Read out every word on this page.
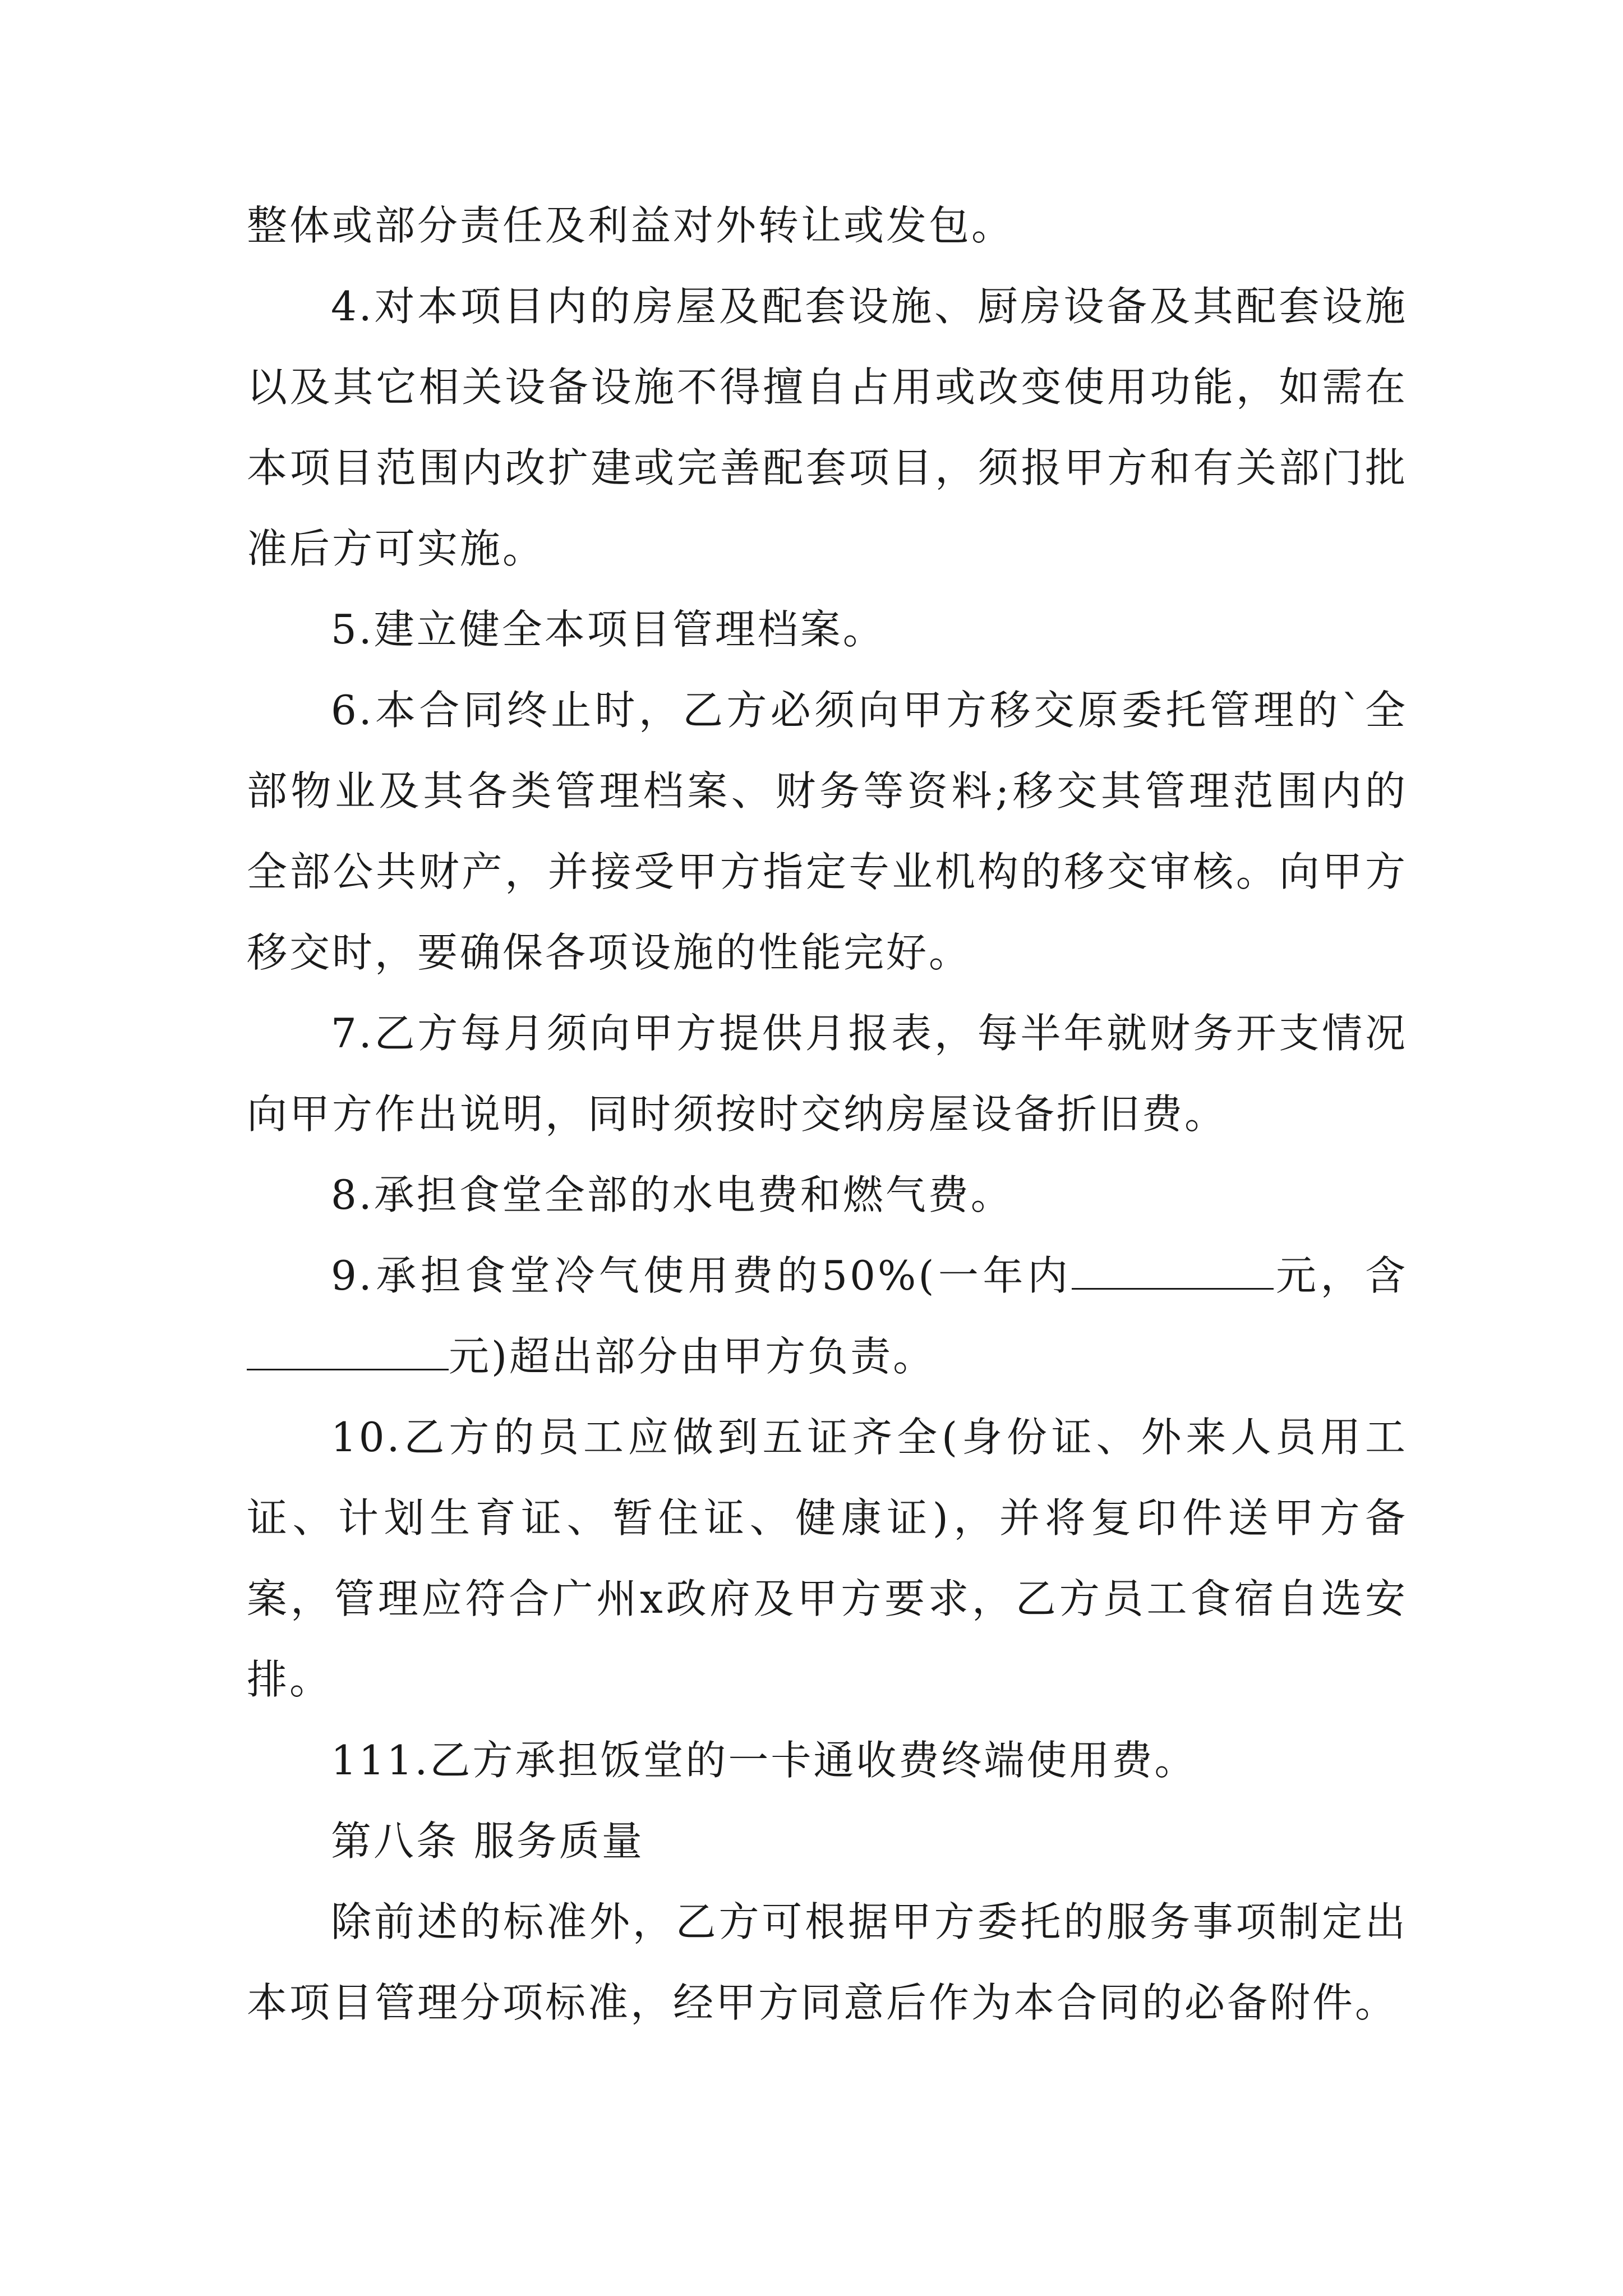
整体或部分责任及利益对外转让或发包。

4.对本项目内的房屋及配套设施、厨房设备及其配套设施以及其它相关设备设施不得擅自占用或改变使用功能，如需在本项目范围内改扩建或完善配套项目，须报甲方和有关部门批准后方可实施。

5.建立健全本项目管理档案。

6.本合同终止时，乙方必须向甲方移交原委托管理的`全部物业及其各类管理档案、财务等资料;移交其管理范围内的全部公共财产，并接受甲方指定专业机构的移交审核。向甲方移交时，要确保各项设施的性能完好。

7.乙方每月须向甲方提供月报表，每半年就财务开支情况向甲方作出说明，同时须按时交纳房屋设备折旧费。

8.承担食堂全部的水电费和燃气费。

9.承担食堂冷气使用费的50%(一年内	元，含元)超出部分由甲方负责。

10.乙方的员工应做到五证齐全(身份证、外来人员用工证、计划生育证、暂住证、健康证)，并将复印件送甲方备案，管理应符合广州x政府及甲方要求，乙方员工食宿自选安排。

111.乙方承担饭堂的一卡通收费终端使用费。

第八条 服务质量

除前述的标准外，乙方可根据甲方委托的服务事项制定出本项目管理分项标准，经甲方同意后作为本合同的必备附件。
